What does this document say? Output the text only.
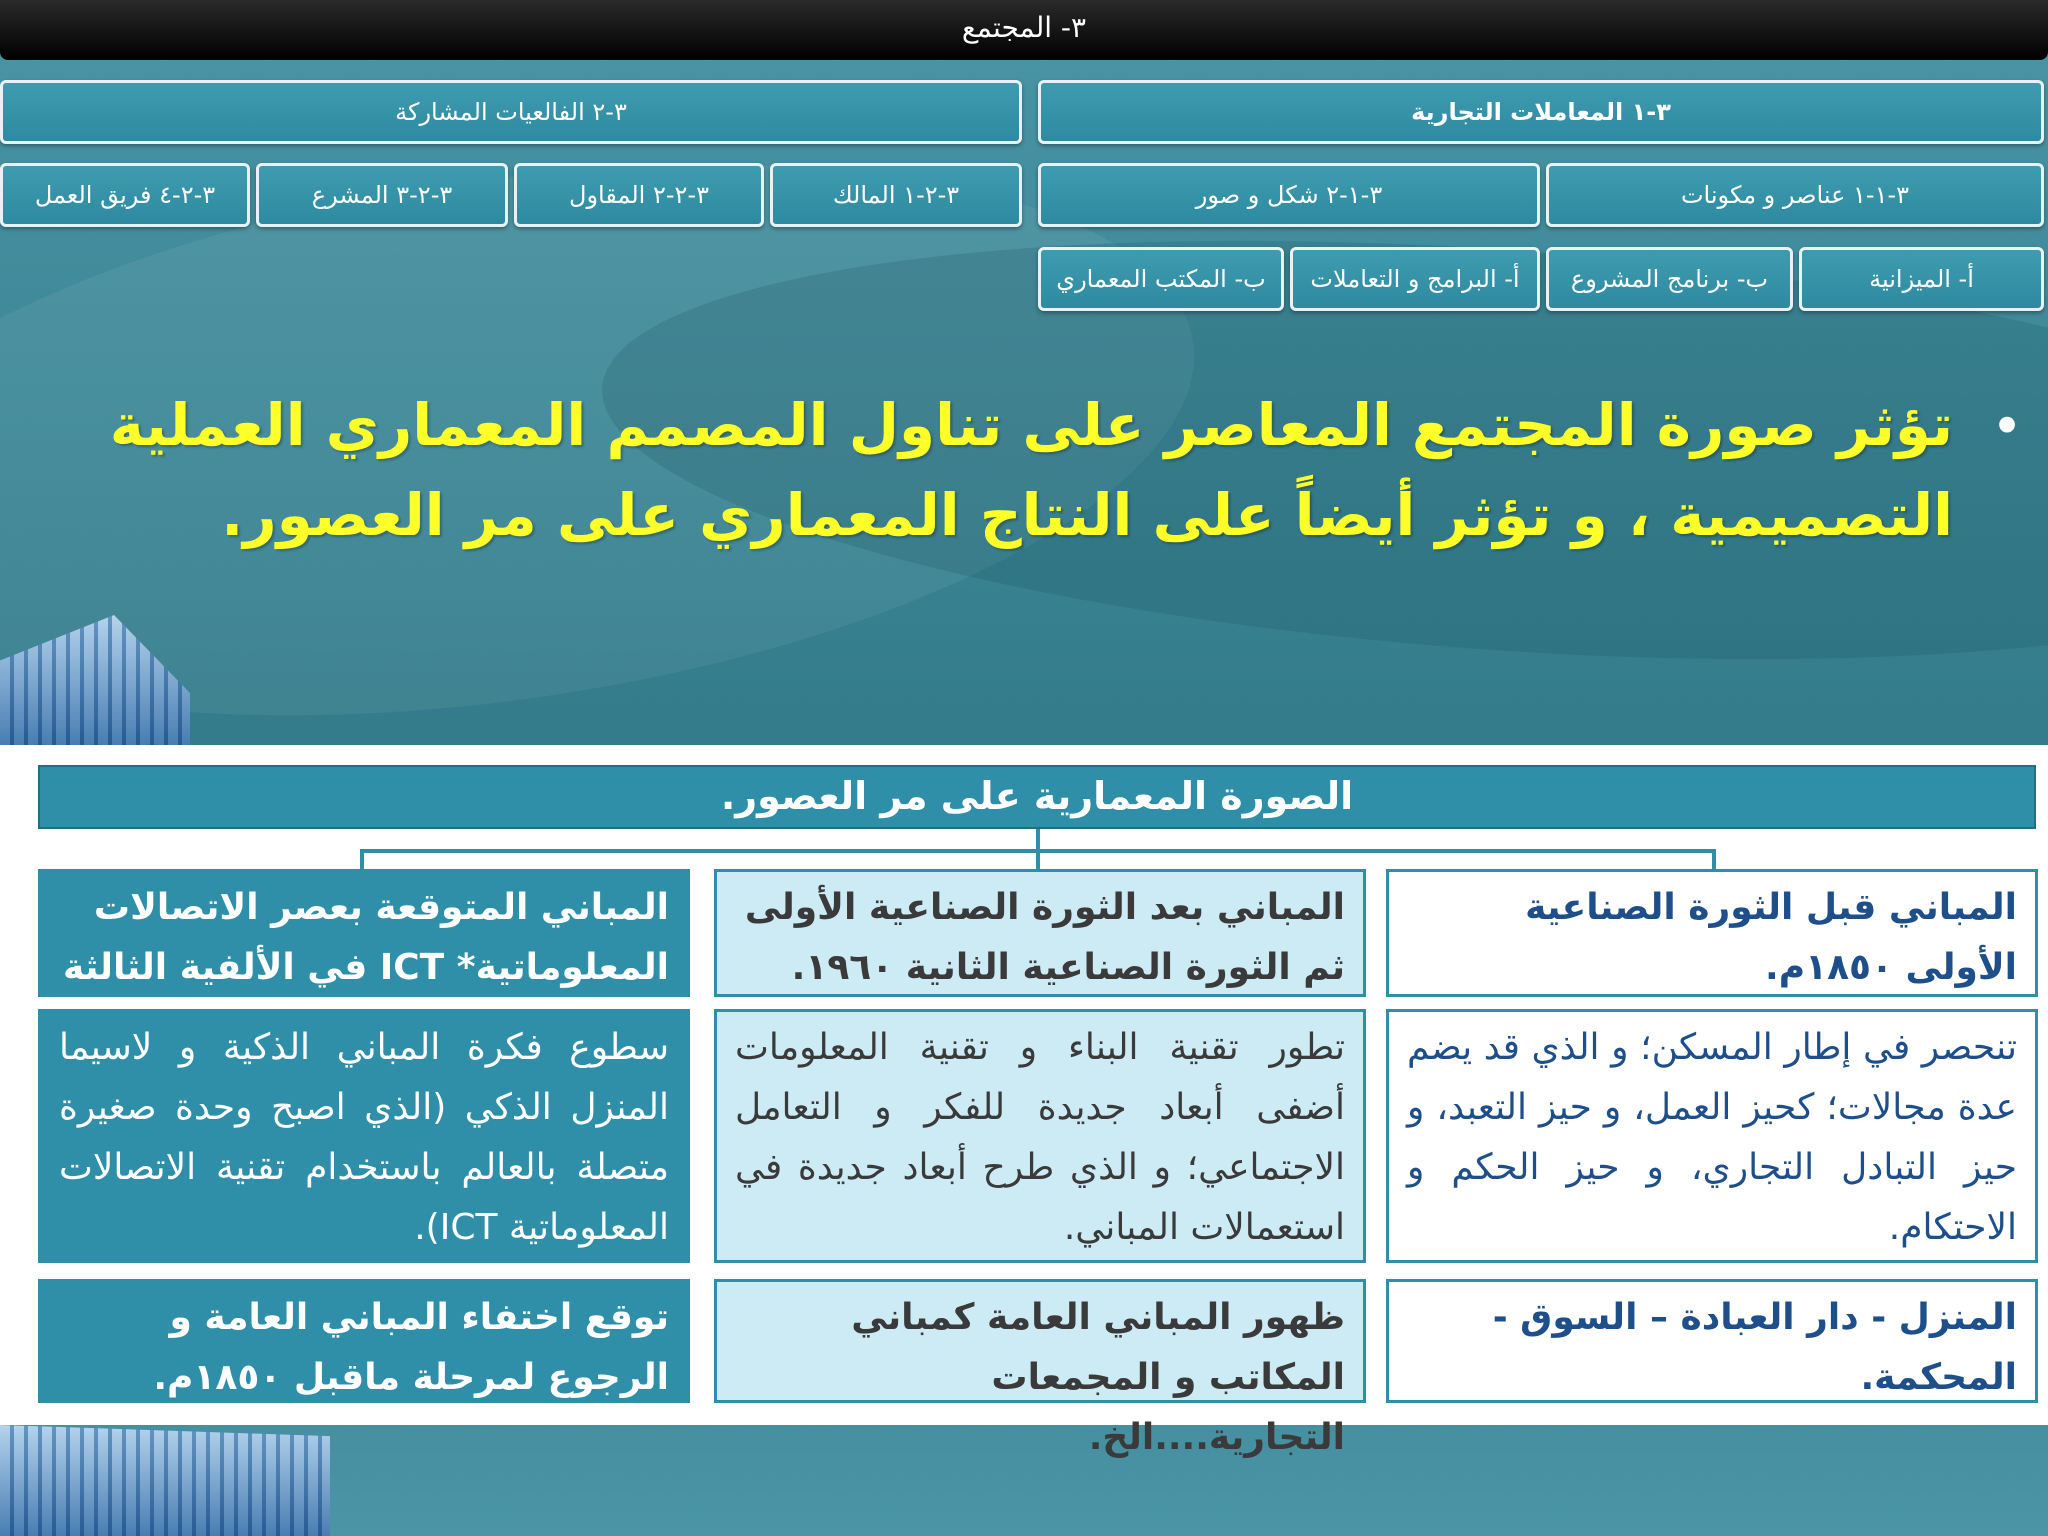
٣- المجتمع
٣-١ المعاملات التجارية
٣-٢ الفالعيات المشاركة
٣-١-١ عناصر و مكونات
٣-١-٢ شكل و صور
٣-٢-١ المالك
٣-٢-٢ المقاول
٣-٢-٣ المشرع
٣-٢-٤ فريق العمل
أ- الميزانية
ب- برنامج المشروع
أ- البرامج و التعاملات
ب- المكتب المعماري
•
تؤثر صورة المجتمع المعاصر على تناول المصمم المعماري العملية التصميمية ، و تؤثر أيضاً على النتاج المعماري على مر العصور.
الصورة المعمارية على مر العصور.
المباني قبل الثورة الصناعية الأولى ١٨٥٠م.
تنحصر في إطار المسكن؛ و الذي قد يضم عدة مجالات؛ كحيز العمل، و حيز التعبد، و حيز التبادل التجاري، و حيز الحكم و الاحتكام.
المنزل - دار العبادة – السوق - المحكمة.
المباني بعد الثورة الصناعية الأولى ثم الثورة الصناعية الثانية ١٩٦٠.
تطور تقنية البناء و تقنية المعلومات أضفى أبعاد جديدة للفكر و التعامل الاجتماعي؛ و الذي طرح أبعاد جديدة في استعمالات المباني.
ظهور المباني العامة كمباني المكاتب و المجمعات التجارية....الخ.
المباني المتوقعة بعصر الاتصالات المعلوماتية* ICT في الألفية الثالثة
سطوع فكرة المباني الذكية و لاسيما المنزل الذكي (الذي اصبح وحدة صغيرة متصلة بالعالم باستخدام تقنية الاتصالات المعلوماتية ICT).
توقع اختفاء المباني العامة و الرجوع لمرحلة ماقبل ١٨٥٠م.
